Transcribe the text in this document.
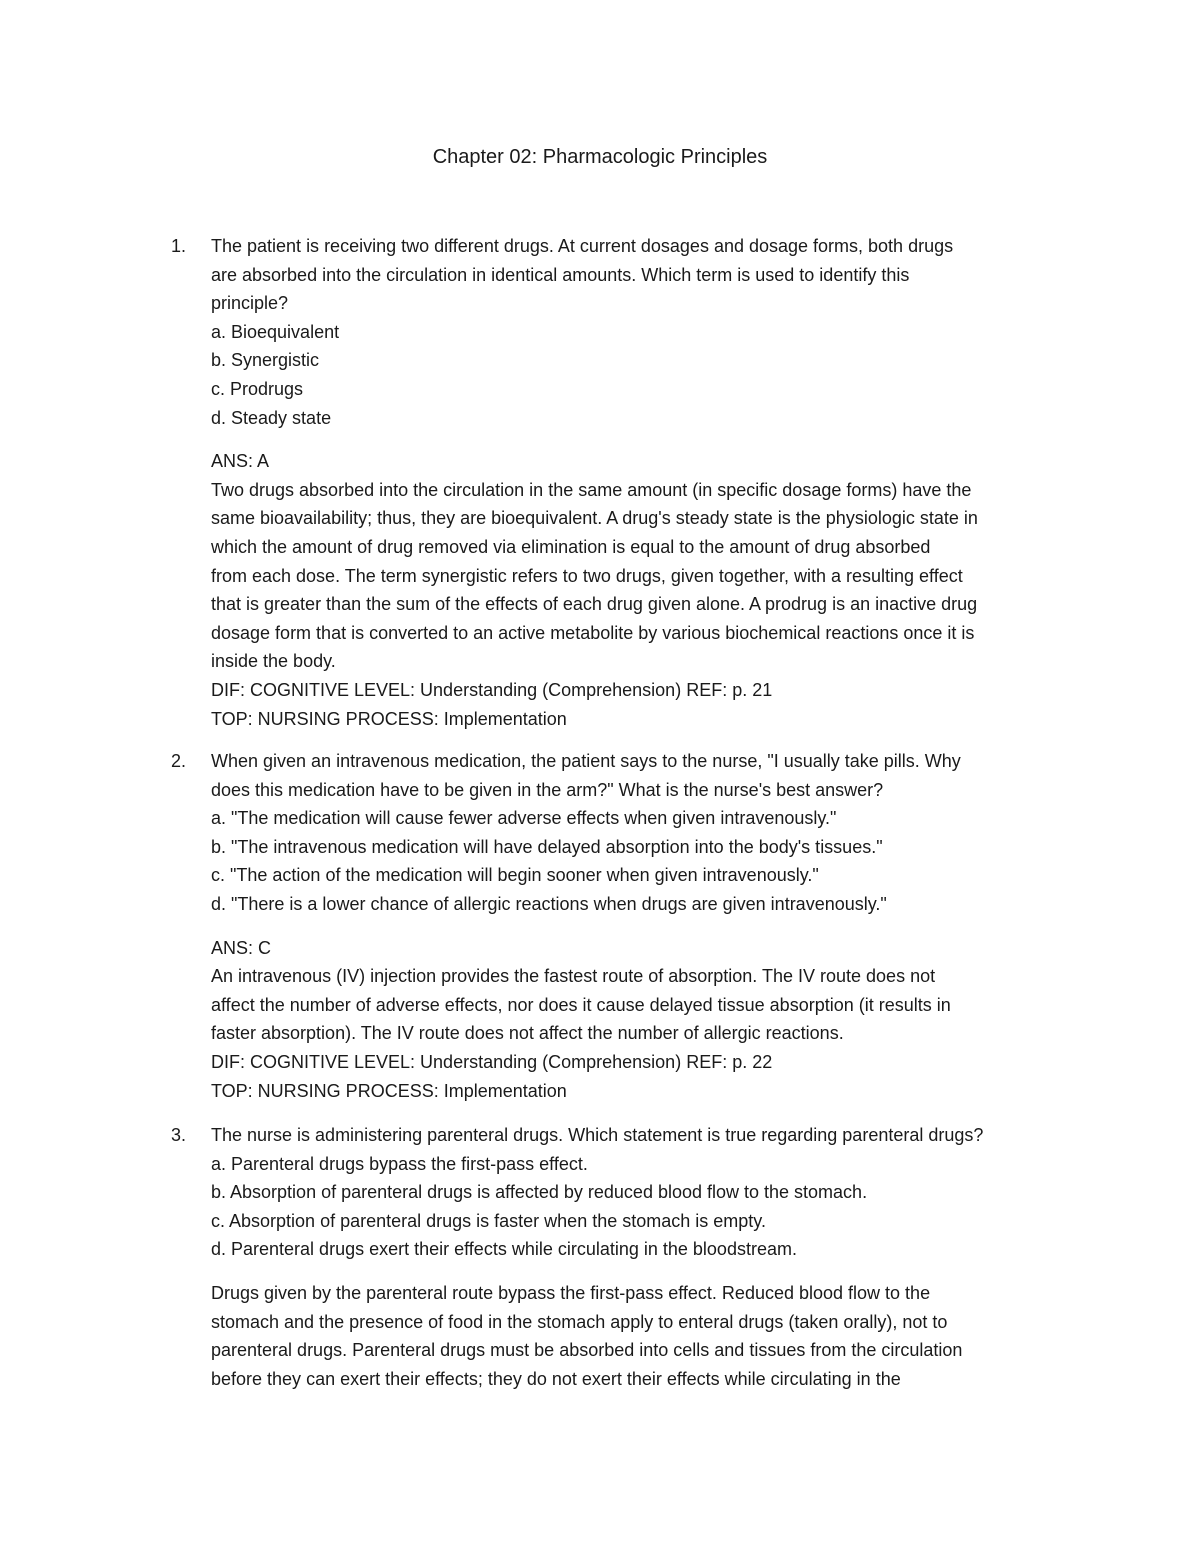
Chapter 02: Pharmacologic Principles
1. The patient is receiving two different drugs. At current dosages and dosage forms, both drugs
are absorbed into the circulation in identical amounts. Which term is used to identify this
principle?
a. Bioequivalent
b. Synergistic
c. Prodrugs
d. Steady state
ANS: A
Two drugs absorbed into the circulation in the same amount (in specific dosage forms) have the
same bioavailability; thus, they are bioequivalent. A drug's steady state is the physiologic state in
which the amount of drug removed via elimination is equal to the amount of drug absorbed
from each dose. The term synergistic refers to two drugs, given together, with a resulting effect
that is greater than the sum of the effects of each drug given alone. A prodrug is an inactive drug
dosage form that is converted to an active metabolite by various biochemical reactions once it is
inside the body.
DIF: COGNITIVE LEVEL: Understanding (Comprehension) REF: p. 21
TOP: NURSING PROCESS: Implementation
2. When given an intravenous medication, the patient says to the nurse, "I usually take pills. Why
does this medication have to be given in the arm?" What is the nurse's best answer?
a. "The medication will cause fewer adverse effects when given intravenously."
b. "The intravenous medication will have delayed absorption into the body's tissues."
c. "The action of the medication will begin sooner when given intravenously."
d. "There is a lower chance of allergic reactions when drugs are given intravenously."
ANS: C
An intravenous (IV) injection provides the fastest route of absorption. The IV route does not
affect the number of adverse effects, nor does it cause delayed tissue absorption (it results in
faster absorption). The IV route does not affect the number of allergic reactions.
DIF: COGNITIVE LEVEL: Understanding (Comprehension) REF: p. 22
TOP: NURSING PROCESS: Implementation
3. The nurse is administering parenteral drugs. Which statement is true regarding parenteral drugs?
a. Parenteral drugs bypass the first-pass effect.
b. Absorption of parenteral drugs is affected by reduced blood flow to the stomach.
c. Absorption of parenteral drugs is faster when the stomach is empty.
d. Parenteral drugs exert their effects while circulating in the bloodstream.
Drugs given by the parenteral route bypass the first-pass effect. Reduced blood flow to the
stomach and the presence of food in the stomach apply to enteral drugs (taken orally), not to
parenteral drugs. Parenteral drugs must be absorbed into cells and tissues from the circulation
before they can exert their effects; they do not exert their effects while circulating in the
